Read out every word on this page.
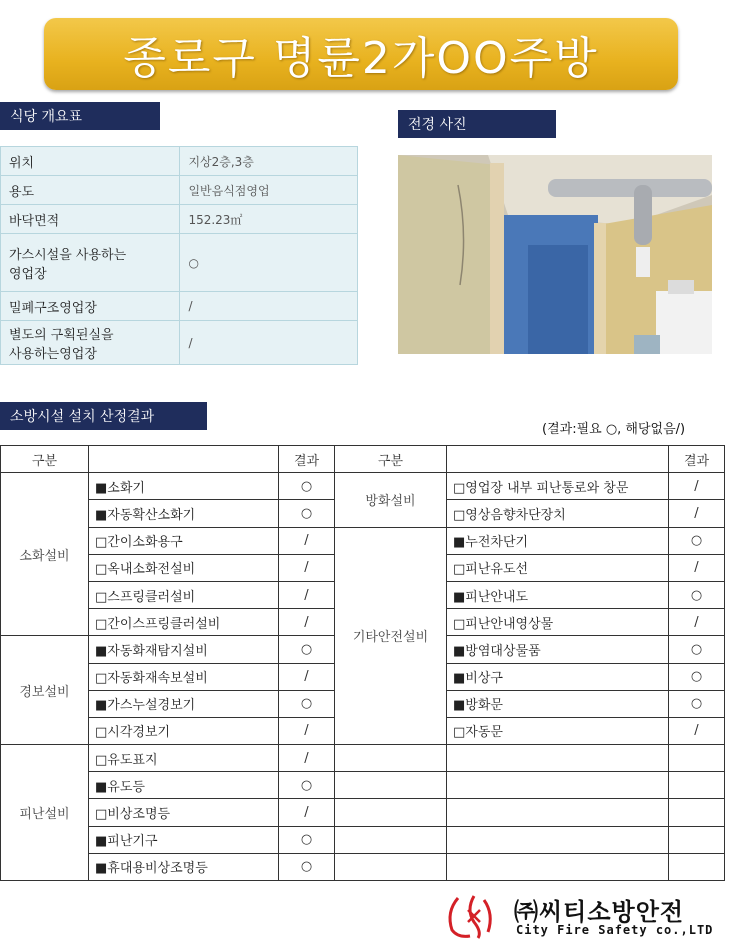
종로구 명륜2가OO주방
식당 개요표	전경 사진
위치	지상2층,3층
용도	일반음식점영업
바닥면적	152.23㎡

가스시설을 사용하는
영업장	○
밀폐구조영업장	/

별도의 구획된실을
사용하는영업장	/
소방시설 설치 산정결과
(결과:필요 ○, 해당없음/)
구분		결과	구분		결과
소화설비	■소화기	○	방화설비	□영업장 내부 피난통로와 창문	/
	■자동확산소화기	○		□영상음향차단장치	/
	□간이소화용구	/	기타안전설비	■누전차단기	○
	□옥내소화전설비	/		□피난유도선	/
	□스프링클러설비	/		■피난안내도	○
	□간이스프링클러설비	/		□피난안내영상물	/
경보설비	■자동화재탐지설비	○		■방염대상물품	○
	□자동화재속보설비	/		■비상구	○
	■가스누설경보기	○		■방화문	○
	□시각경보기	/		□자동문	/
피난설비	□유도표지	/			
	■유도등	○			
	□비상조명등	/			
	■피난기구	○			
	■휴대용비상조명등	○			
㈜씨티소방안전
City Fire Safety co.,LTD
